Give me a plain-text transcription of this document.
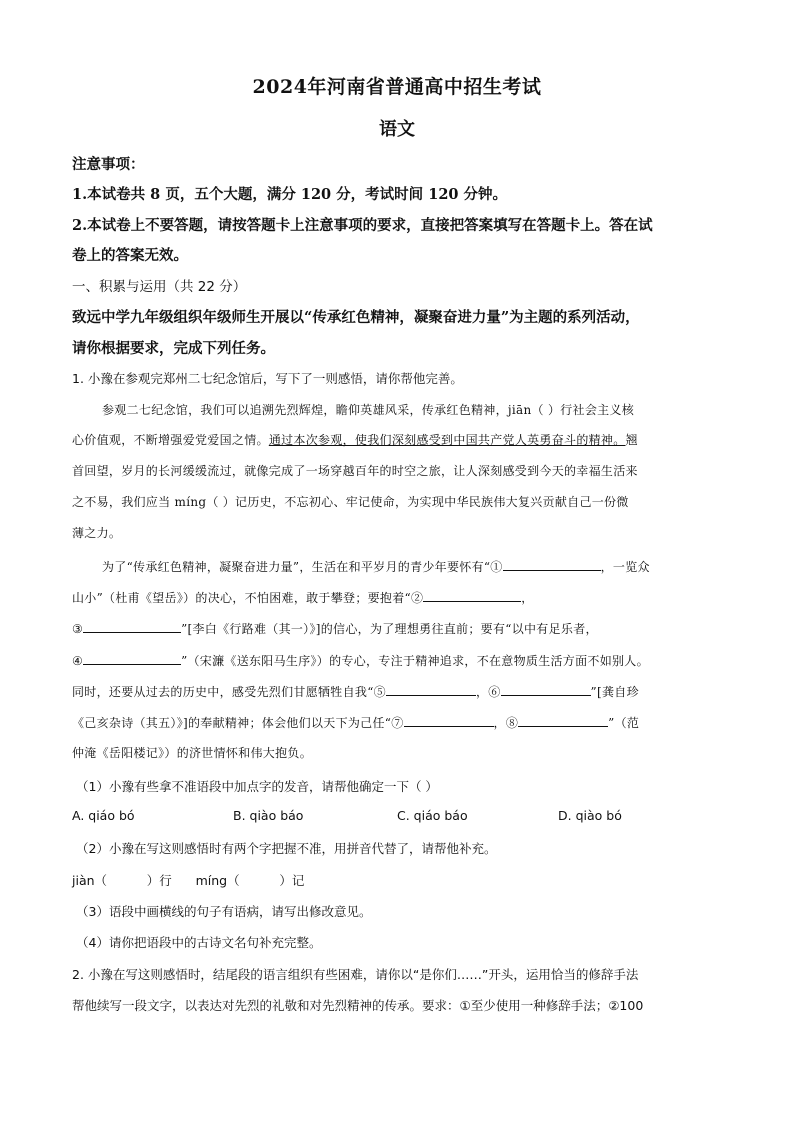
2024年河南省普通高中招生考试
语文
注意事项：
1.本试卷共 8 页，五个大题，满分 120 分，考试时间 120 分钟。
2.本试卷上不要答题，请按答题卡上注意事项的要求，直接把答案填写在答题卡上。答在试
卷上的答案无效。
一、积累与运用（共 22 分）
致远中学九年级组织年级师生开展以“传承红色精神，凝聚奋进力量”为主题的系列活动，
请你根据要求，完成下列任务。
1. 小豫在参观完郑州二七纪念馆后，写下了一则感悟，请你帮他完善。
参观二七纪念馆，我们可以追溯先烈辉煌，瞻仰英雄风采，传承红色精神，jiān（ ）行社会主义核
心价值观，不断增强爱党爱国之情。通过本次参观，使我们深刻感受到中国共产党人英勇奋斗的精神。翘
首回望，岁月的长河缓缓流过，就像完成了一场穿越百年的时空之旅，让人深刻感受到今天的幸福生活来
之不易，我们应当 míng（ ）记历史，不忘初心、牢记使命，为实现中华民族伟大复兴贡献自己一份微
薄之力。
为了“传承红色精神，凝聚奋进力量”，生活在和平岁月的青少年要怀有“①	，一览众
山小”（杜甫《望岳》）的决心，不怕困难，敢于攀登；要抱着“②	，
③	”[李白《行路难（其一）》]的信心，为了理想勇往直前；要有“以中有足乐者，
④	”（宋濂《送东阳马生序》）的专心，专注于精神追求，不在意物质生活方面不如别人。
同时，还要从过去的历史中，感受先烈们甘愿牺牲自我“⑤	，⑥	”[龚自珍
《己亥杂诗（其五）》]的奉献精神；体会他们以天下为己任“⑦	，⑧	”（范
仲淹《岳阳楼记》）的济世情怀和伟大抱负。
（1）小豫有些拿不准语段中加点字的发音，请帮他确定一下（ ）
A. qiáo bó	B. qiào báo	C. qiáo báo	D. qiào bó
（2）小豫在写这则感悟时有两个字把握不准，用拼音代替了，请帮他补充。
jiàn（          ）行      míng（          ）记
（3）语段中画横线的句子有语病，请写出修改意见。
（4）请你把语段中的古诗文名句补充完整。
2. 小豫在写这则感悟时，结尾段的语言组织有些困难，请你以“是你们……”开头，运用恰当的修辞手法
帮他续写一段文字，以表达对先烈的礼敬和对先烈精神的传承。要求：①至少使用一种修辞手法；②100
